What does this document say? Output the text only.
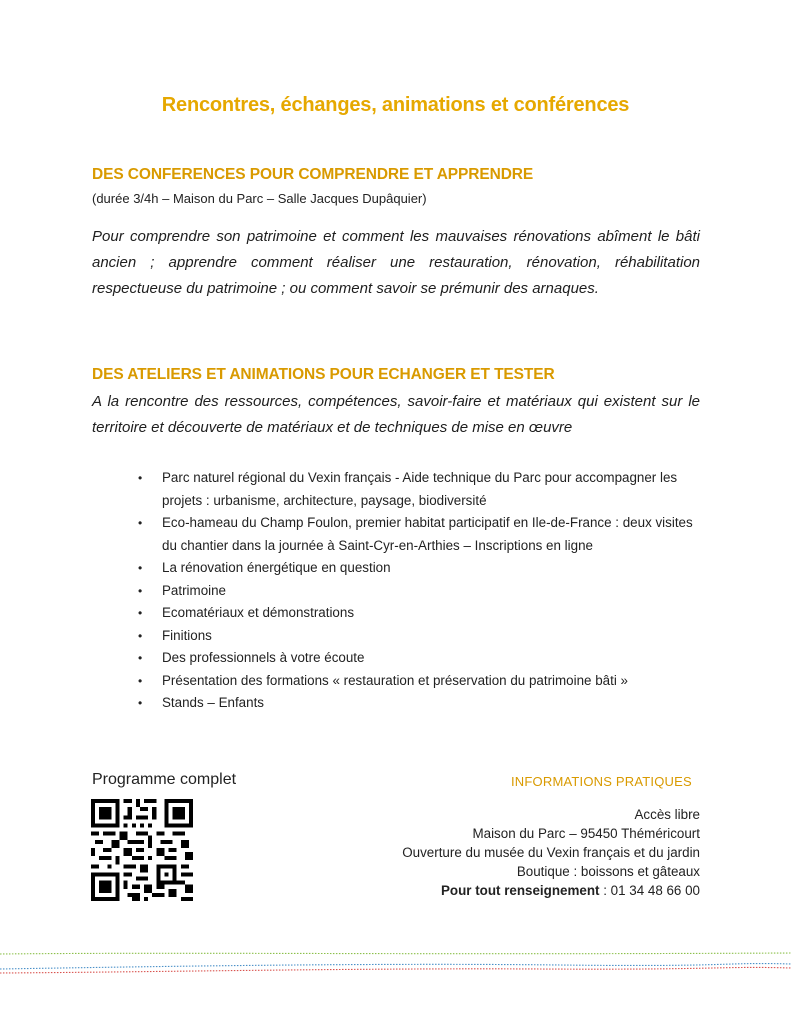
Rencontres, échanges, animations et conférences
DES CONFERENCES POUR COMPRENDRE ET APPRENDRE
(durée 3/4h – Maison du Parc – Salle Jacques Dupâquier)
Pour comprendre son patrimoine et comment les mauvaises rénovations abîment le bâti ancien ; apprendre comment réaliser une restauration, rénovation, réhabilitation respectueuse du patrimoine ; ou comment savoir se prémunir des arnaques.
DES ATELIERS ET ANIMATIONS POUR ECHANGER ET TESTER
A la rencontre des ressources, compétences, savoir-faire et matériaux qui existent sur le territoire et découverte de matériaux et de techniques de mise en œuvre
•	Parc naturel régional du Vexin français - Aide technique du Parc pour accompagner les projets : urbanisme, architecture, paysage, biodiversité
•	Eco-hameau du Champ Foulon, premier habitat participatif en Ile-de-France : deux visites du chantier dans la journée à Saint-Cyr-en-Arthies – Inscriptions en ligne
•	La rénovation énergétique en question
•	Patrimoine
•	Ecomatériaux et démonstrations
•	Finitions
•	Des professionnels à votre écoute
•	Présentation des formations « restauration et préservation du patrimoine bâti »
•	Stands – Enfants
Programme complet	INFORMATIONS PRATIQUES
Accès libre
Maison du Parc – 95450 Théméricourt
Ouverture du musée du Vexin français et du jardin
Boutique : boissons et gâteaux
Pour tout renseignement : 01 34 48 66 00
